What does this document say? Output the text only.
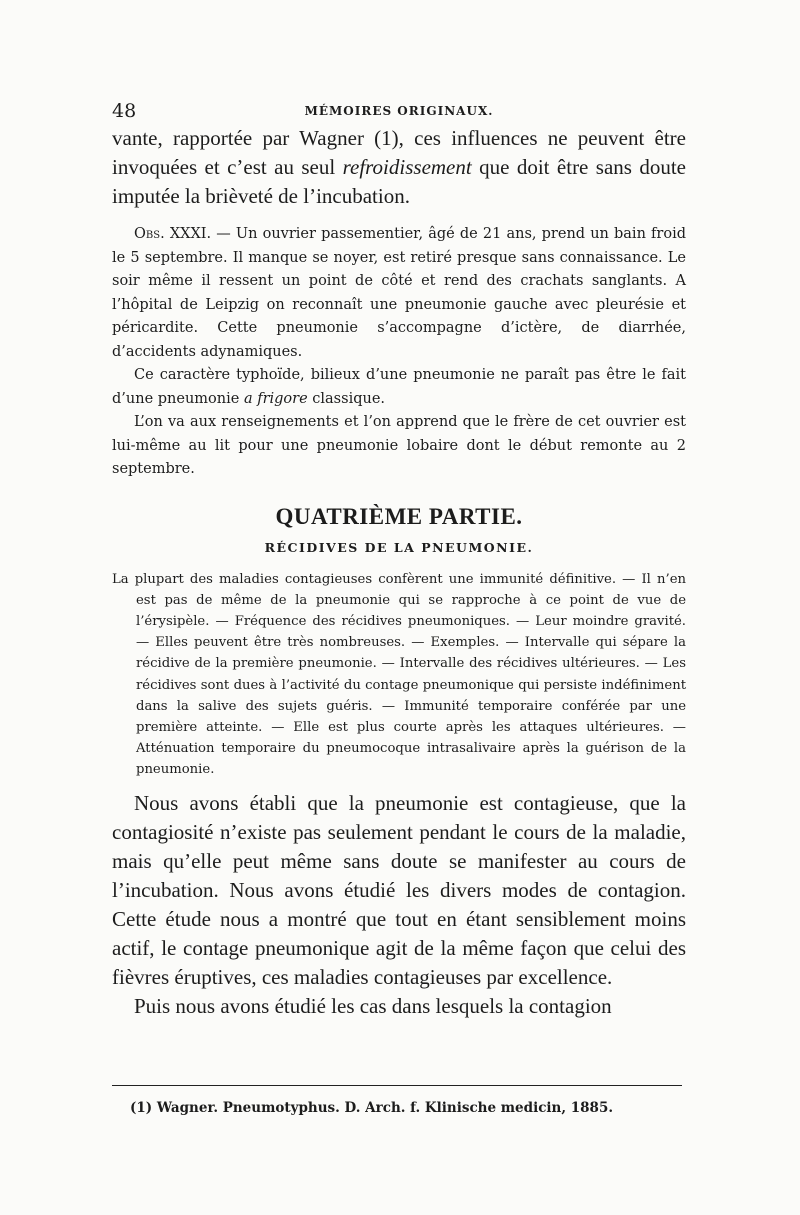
48	MÉMOIRES ORIGINAUX.

vante, rapportée par Wagner (1), ces influences ne peuvent être invoquées et c’est au seul refroidissement que doit être sans doute imputée la brièveté de l’incubation.

Obs. XXXI. — Un ouvrier passementier, âgé de 21 ans, prend un bain froid le 5 septembre. Il manque se noyer, est retiré presque sans connaissance. Le soir même il ressent un point de côté et rend des crachats sanglants. A l’hôpital de Leipzig on reconnaît une pneumonie gauche avec pleurésie et péricardite. Cette pneumonie s’accompagne d’ictère, de diarrhée, d’accidents adynamiques.

Ce caractère typhoïde, bilieux d’une pneumonie ne paraît pas être le fait d’une pneumonie a frigore classique.

L’on va aux renseignements et l’on apprend que le frère de cet ouvrier est lui-même au lit pour une pneumonie lobaire dont le début remonte au 2 septembre.

QUATRIÈME PARTIE.
RÉCIDIVES DE LA PNEUMONIE.

La plupart des maladies contagieuses confèrent une immunité définitive. — Il n’en est pas de même de la pneumonie qui se rapproche à ce point de vue de l’érysipèle. — Fréquence des récidives pneumoniques. — Leur moindre gravité. — Elles peuvent être très nombreuses. — Exemples. — Intervalle qui sépare la récidive de la première pneumonie. — Intervalle des récidives ultérieures. — Les récidives sont dues à l’activité du contage pneumonique qui persiste indéfiniment dans la salive des sujets guéris. — Immunité temporaire conférée par une première atteinte. — Elle est plus courte après les attaques ultérieures. — Atténuation temporaire du pneumocoque intrasalivaire après la guérison de la pneumonie.

Nous avons établi que la pneumonie est contagieuse, que la contagiosité n’existe pas seulement pendant le cours de la maladie, mais qu’elle peut même sans doute se manifester au cours de l’incubation. Nous avons étudié les divers modes de contagion. Cette étude nous a montré que tout en étant sensiblement moins actif, le contage pneumonique agit de la même façon que celui des fièvres éruptives, ces maladies contagieuses par excellence.

Puis nous avons étudié les cas dans lesquels la contagion

(1) Wagner. Pneumotyphus. D. Arch. f. Klinische medicin, 1885.
